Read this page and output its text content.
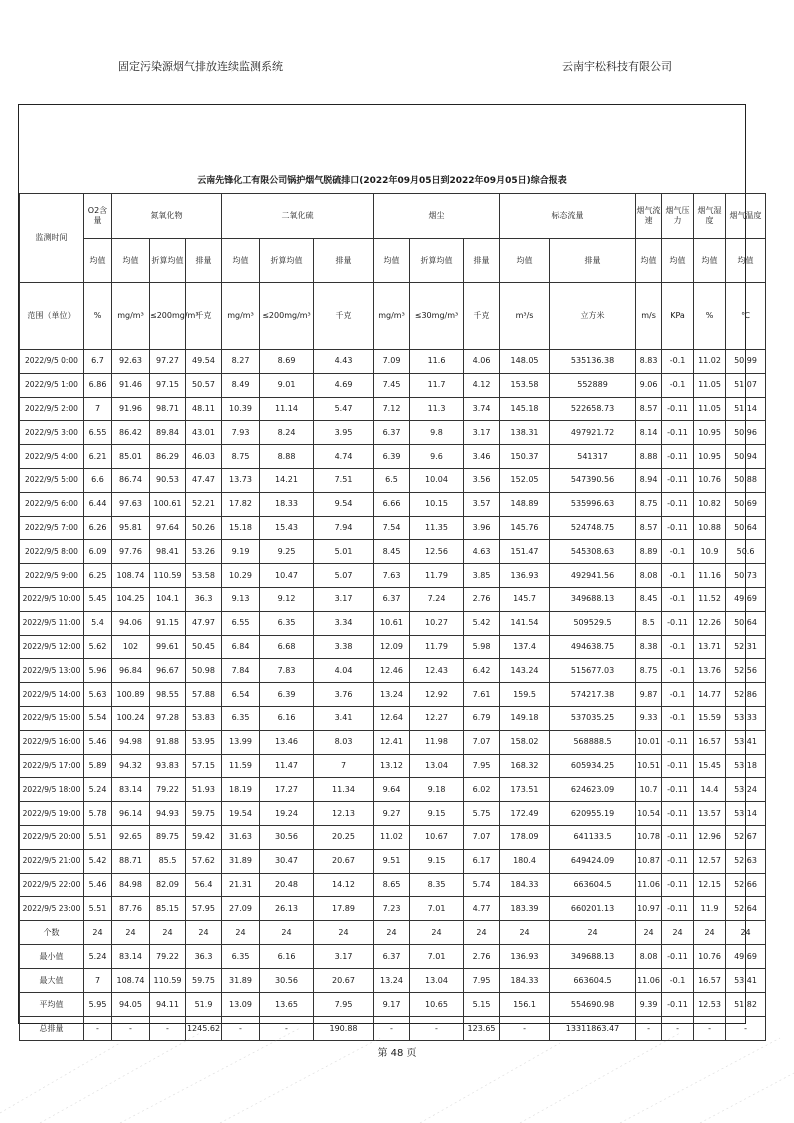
固定污染源烟气排放连续监测系统	云南宇松科技有限公司
云南先锋化工有限公司锅护烟气脱硫排口(2022年09月05日到2022年09月05日)综合报表
监测时间	O2含量	氮氧化物			二氧化硫			烟尘			标态流量		烟气流速	烟气压力	烟气湿度	烟气温度
	均值	均值	折算均值	排量	均值	折算均值	排量	均值	折算均值	排量	均值	排量	均值	均值	均值	均值
范围（单位）	%	mg/m³	≤200mg/m³	千克	mg/m³	≤200mg/m³	千克	mg/m³	≤30mg/m³	千克	m³/s	立方米	m/s	KPa	%	℃
2022/9/5 0:00	6.7	92.63	97.27	49.54	8.27	8.69	4.43	7.09	11.6	4.06	148.05	535136.38	8.83	-0.1	11.02	50.99
2022/9/5 1:00	6.86	91.46	97.15	50.57	8.49	9.01	4.69	7.45	11.7	4.12	153.58	552889	9.06	-0.1	11.05	51.07
2022/9/5 2:00	7	91.96	98.71	48.11	10.39	11.14	5.47	7.12	11.3	3.74	145.18	522658.73	8.57	-0.11	11.05	51.14
2022/9/5 3:00	6.55	86.42	89.84	43.01	7.93	8.24	3.95	6.37	9.8	3.17	138.31	497921.72	8.14	-0.11	10.95	50.96
2022/9/5 4:00	6.21	85.01	86.29	46.03	8.75	8.88	4.74	6.39	9.6	3.46	150.37	541317	8.88	-0.11	10.95	50.94
2022/9/5 5:00	6.6	86.74	90.53	47.47	13.73	14.21	7.51	6.5	10.04	3.56	152.05	547390.56	8.94	-0.11	10.76	50.88
2022/9/5 6:00	6.44	97.63	100.61	52.21	17.82	18.33	9.54	6.66	10.15	3.57	148.89	535996.63	8.75	-0.11	10.82	50.69
2022/9/5 7:00	6.26	95.81	97.64	50.26	15.18	15.43	7.94	7.54	11.35	3.96	145.76	524748.75	8.57	-0.11	10.88	50.64
2022/9/5 8:00	6.09	97.76	98.41	53.26	9.19	9.25	5.01	8.45	12.56	4.63	151.47	545308.63	8.89	-0.1	10.9	50.6
2022/9/5 9:00	6.25	108.74	110.59	53.58	10.29	10.47	5.07	7.63	11.79	3.85	136.93	492941.56	8.08	-0.1	11.16	50.73
2022/9/5 10:00	5.45	104.25	104.1	36.3	9.13	9.12	3.17	6.37	7.24	2.76	145.7	349688.13	8.45	-0.1	11.52	49.69
2022/9/5 11:00	5.4	94.06	91.15	47.97	6.55	6.35	3.34	10.61	10.27	5.42	141.54	509529.5	8.5	-0.11	12.26	50.64
2022/9/5 12:00	5.62	102	99.61	50.45	6.84	6.68	3.38	12.09	11.79	5.98	137.4	494638.75	8.38	-0.1	13.71	52.31
2022/9/5 13:00	5.96	96.84	96.67	50.98	7.84	7.83	4.04	12.46	12.43	6.42	143.24	515677.03	8.75	-0.1	13.76	52.56
2022/9/5 14:00	5.63	100.89	98.55	57.88	6.54	6.39	3.76	13.24	12.92	7.61	159.5	574217.38	9.87	-0.1	14.77	52.86
2022/9/5 15:00	5.54	100.24	97.28	53.83	6.35	6.16	3.41	12.64	12.27	6.79	149.18	537035.25	9.33	-0.1	15.59	53.33
2022/9/5 16:00	5.46	94.98	91.88	53.95	13.99	13.46	8.03	12.41	11.98	7.07	158.02	568888.5	10.01	-0.11	16.57	53.41
2022/9/5 17:00	5.89	94.32	93.83	57.15	11.59	11.47	7	13.12	13.04	7.95	168.32	605934.25	10.51	-0.11	15.45	53.18
2022/9/5 18:00	5.24	83.14	79.22	51.93	18.19	17.27	11.34	9.64	9.18	6.02	173.51	624623.09	10.7	-0.11	14.4	53.24
2022/9/5 19:00	5.78	96.14	94.93	59.75	19.54	19.24	12.13	9.27	9.15	5.75	172.49	620955.19	10.54	-0.11	13.57	53.14
2022/9/5 20:00	5.51	92.65	89.75	59.42	31.63	30.56	20.25	11.02	10.67	7.07	178.09	641133.5	10.78	-0.11	12.96	52.67
2022/9/5 21:00	5.42	88.71	85.5	57.62	31.89	30.47	20.67	9.51	9.15	6.17	180.4	649424.09	10.87	-0.11	12.57	52.63
2022/9/5 22:00	5.46	84.98	82.09	56.4	21.31	20.48	14.12	8.65	8.35	5.74	184.33	663604.5	11.06	-0.11	12.15	52.66
2022/9/5 23:00	5.51	87.76	85.15	57.95	27.09	26.13	17.89	7.23	7.01	4.77	183.39	660201.13	10.97	-0.11	11.9	52.64
个数	24	24	24	24	24	24	24	24	24	24	24	24	24	24	24	24
最小值	5.24	83.14	79.22	36.3	6.35	6.16	3.17	6.37	7.01	2.76	136.93	349688.13	8.08	-0.11	10.76	49.69
最大值	7	108.74	110.59	59.75	31.89	30.56	20.67	13.24	13.04	7.95	184.33	663604.5	11.06	-0.1	16.57	53.41
平均值	5.95	94.05	94.11	51.9	13.09	13.65	7.95	9.17	10.65	5.15	156.1	554690.98	9.39	-0.11	12.53	51.82
总排量	-	-	-	1245.62	-	-	190.88	-	-	123.65	-	13311863.47	-	-	-	-
第 48 页
